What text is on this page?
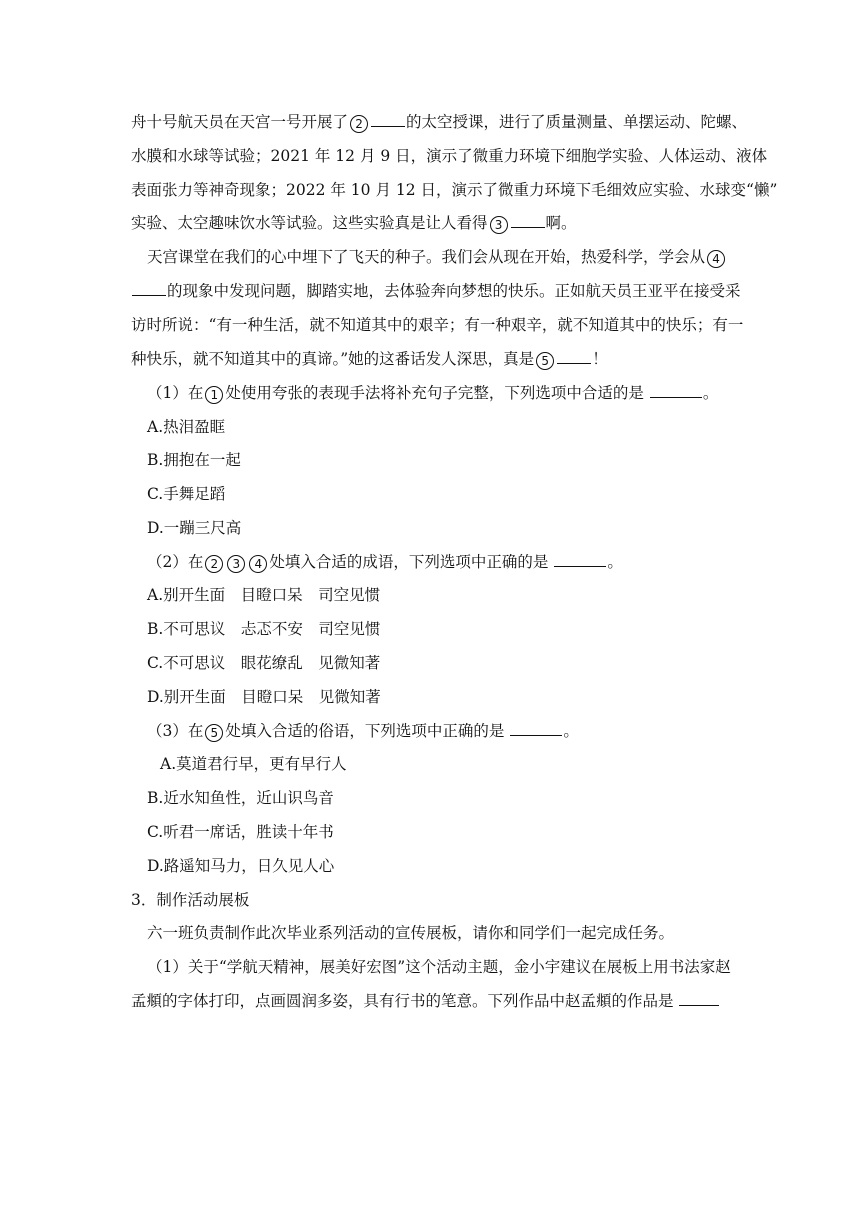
舟十号航天员在天宫一号开展了 2	的太空授课，进行了质量测量、单摆运动、陀螺、
水膜和水球等试验；2021 年 12 月 9 日，演示了微重力环境下细胞学实验、人体运动、液体
表面张力等神奇现象；2022 年 10 月 12 日，演示了微重力环境下毛细效应实验、水球变“懒”
实验、太空趣味饮水等试验。这些实验真是让人看得 3	啊。
天宫课堂在我们的心中埋下了飞天的种子。我们会从现在开始，热爱科学，学会从 4
的现象中发现问题，脚踏实地，去体验奔向梦想的快乐。正如航天员王亚平在接受采
访时所说：“有一种生活，就不知道其中的艰辛；有一种艰辛，就不知道其中的快乐；有一
种快乐，就不知道其中的真谛。”她的这番话发人深思，真是 5	！
（1）在 1 处使用夸张的表现手法将补充句子完整，下列选项中合适的是	。
A.热泪盈眶
B.拥抱在一起
C.手舞足蹈
D.一蹦三尺高
（2）在 2 3 4 处填入合适的成语，下列选项中正确的是	。
A.别开生面　目瞪口呆　司空见惯
B.不可思议　忐忑不安　司空见惯
C.不可思议　眼花缭乱　见微知著
D.别开生面　目瞪口呆　见微知著
（3）在 5 处填入合适的俗语，下列选项中正确的是	。
A.莫道君行早，更有早行人
B.近水知鱼性，近山识鸟音
C.听君一席话，胜读十年书
D.路遥知马力，日久见人心
3．制作活动展板
六一班负责制作此次毕业系列活动的宣传展板，请你和同学们一起完成任务。
（1）关于“学航天精神，展美好宏图”这个活动主题，金小宇建议在展板上用书法家赵
孟頫的字体打印，点画圆润多姿，具有行书的笔意。下列作品中赵孟頫的作品是
